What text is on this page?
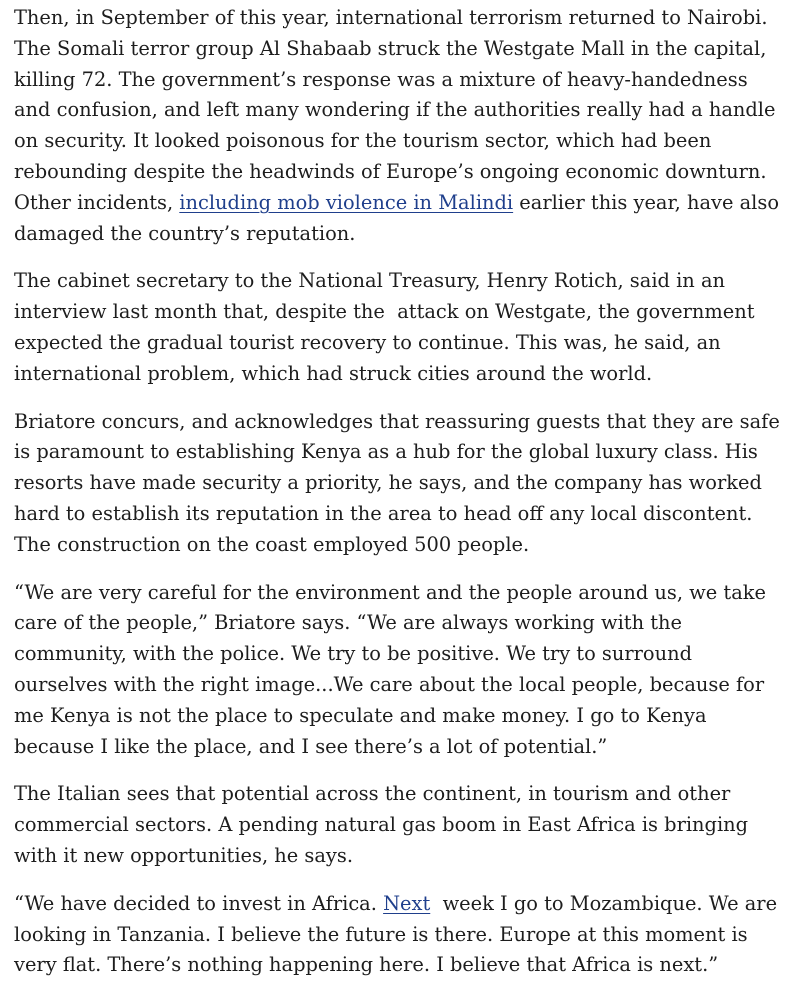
Then, in September of this year, international terrorism returned to Nairobi.
The Somali terror group Al Shabaab struck the Westgate Mall in the capital,
killing 72. The government’s response was a mixture of heavy-handedness
and confusion, and left many wondering if the authorities really had a handle
on security. It looked poisonous for the tourism sector, which had been
rebounding despite the headwinds of Europe’s ongoing economic downturn.
Other incidents, including mob violence in Malindi earlier this year, have also
damaged the country’s reputation.

The cabinet secretary to the National Treasury, Henry Rotich, said in an
interview last month that, despite the  attack on Westgate, the government
expected the gradual tourist recovery to continue. This was, he said, an
international problem, which had struck cities around the world.

Briatore concurs, and acknowledges that reassuring guests that they are safe
is paramount to establishing Kenya as a hub for the global luxury class. His
resorts have made security a priority, he says, and the company has worked
hard to establish its reputation in the area to head off any local discontent.
The construction on the coast employed 500 people.

“We are very careful for the environment and the people around us, we take
care of the people,” Briatore says. “We are always working with the
community, with the police. We try to be positive. We try to surround
ourselves with the right image...We care about the local people, because for
me Kenya is not the place to speculate and make money. I go to Kenya
because I like the place, and I see there’s a lot of potential.”

The Italian sees that potential across the continent, in tourism and other
commercial sectors. A pending natural gas boom in East Africa is bringing
with it new opportunities, he says.

“We have decided to invest in Africa. Next  week I go to Mozambique. We are
looking in Tanzania. I believe the future is there. Europe at this moment is
very flat. There’s nothing happening here. I believe that Africa is next.”
